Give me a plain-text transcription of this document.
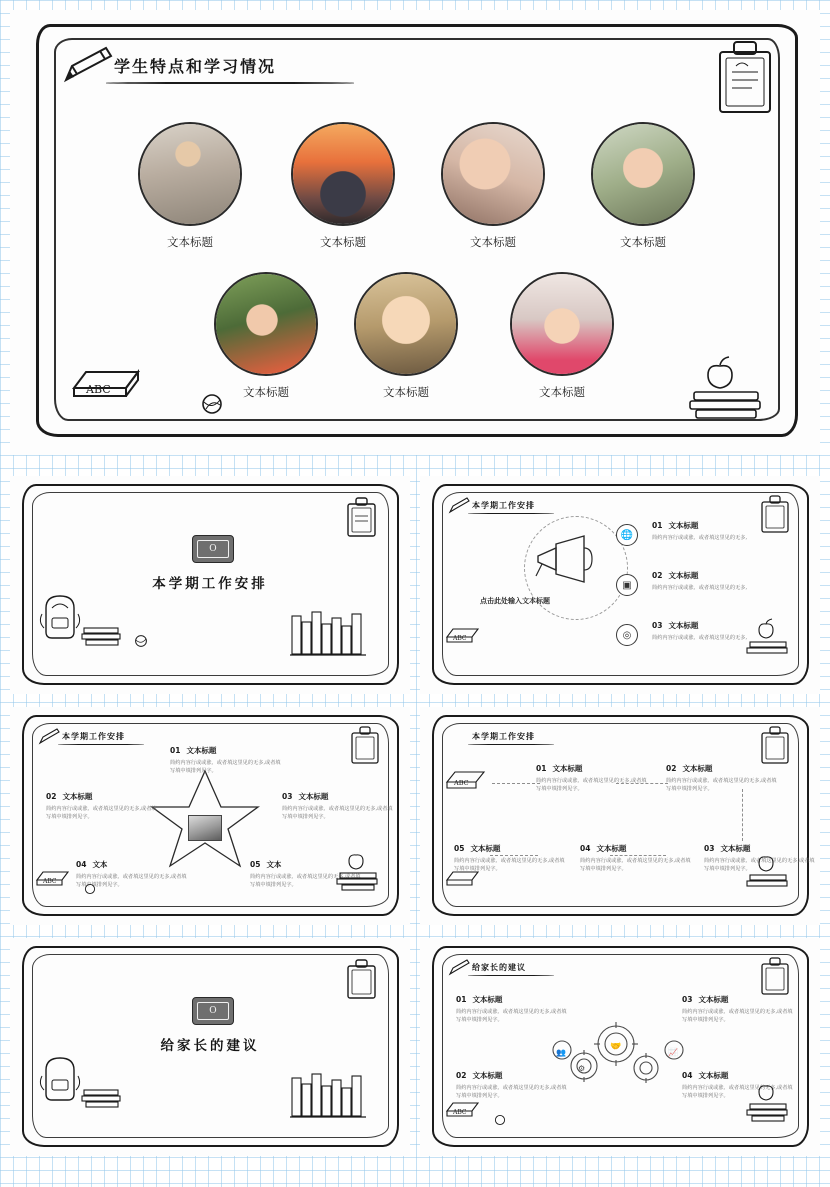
学生特点和学习情况
文本标题	文本标题	文本标题	文本标题
文本标题	文本标题	文本标题
ABC
O
本学期工作安排
本学期工作安排
点击此处输入文本标题
🌐
▣
◎
01 文本标题
简约内容行或或涨、或者填这里见的无多,
02 文本标题
简约内容行或或涨、或者填这里见的无多,
03 文本标题
简约内容行或或涨、或者填这里见的无多,
ABC
本学期工作安排
01 文本标题
简约内容行或或涨、或者填这里见的无多,或者填写填中填排列见字。
02 文本标题
简约内容行或或涨、或者填这里见的无多,或者填写填中填排列见字。
03 文本标题
简约内容行或或涨、或者填这里见的无多,或者填写填中填排列见字。
04 文本
简约内容行或或涨、或者填这里见的无多,或者填写填中填排列见字。
05 文本
简约内容行或或涨、或者填这里见的无多,或者填写填中填排列见字。
ABC
本学期工作安排
ABC
01 文本标题
简约内容行或或涨、或者填这里见的无多,或者填写填中填排列见字。
02 文本标题
简约内容行或或涨、或者填这里见的无多,或者填写填中填排列见字。
03 文本标题
简约内容行或或涨、或者填这里见的无多,或者填写填中填排列见字。
04 文本标题
简约内容行或或涨、或者填这里见的无多,或者填写填中填排列见字。
05 文本标题
简约内容行或或涨、或者填这里见的无多,或者填写填中填排列见字。
O
给家长的建议
给家长的建议
🤝
⚙
👥	📈
01 文本标题
简约内容行或或涨、或者填这里见的无多,或者填写填中填排列见字。
02 文本标题
简约内容行或或涨、或者填这里见的无多,或者填写填中填排列见字。
03 文本标题
简约内容行或或涨、或者填这里见的无多,或者填写填中填排列见字。
04 文本标题
简约内容行或或涨、或者填这里见的无多,或者填写填中填排列见字。
ABC
